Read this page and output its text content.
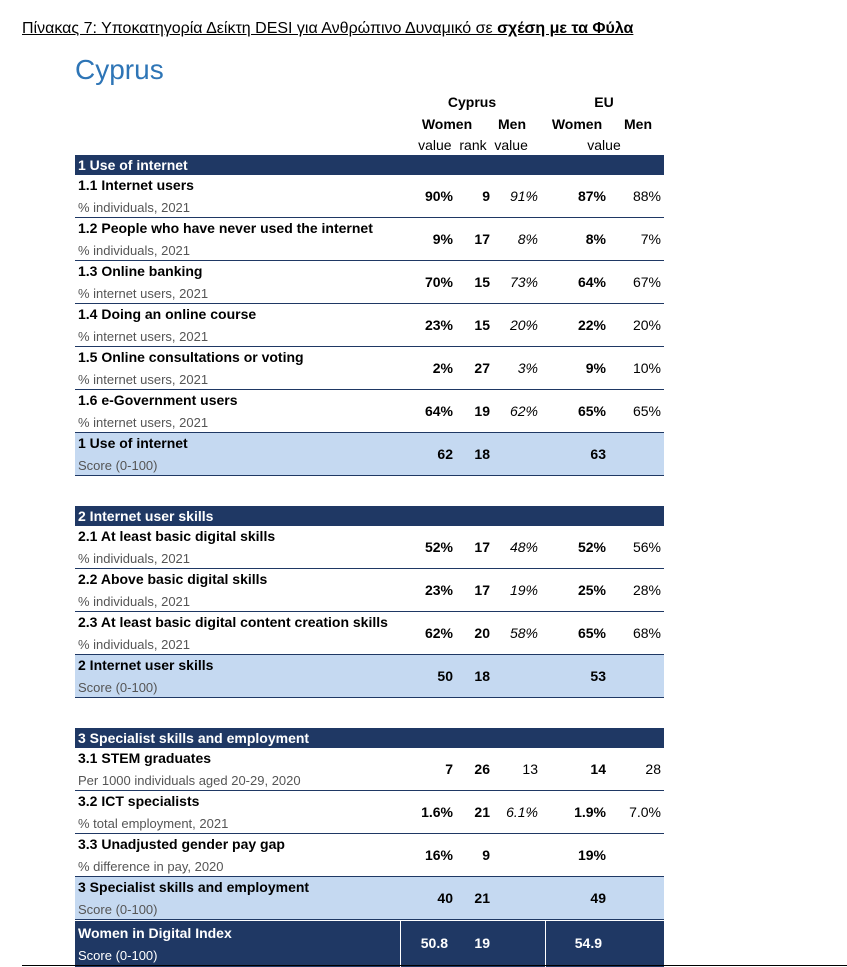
Πίνακας 7: Υποκατηγορία Δείκτη DESI για Ανθρώπινο Δυναμικό σε σχέση με τα Φύλα
Cyprus
Cyprus	EU
Women	Men	Women	Men
value  rank  value	value
1 Use of internet
1.1 Internet users
% individuals, 2021
90% 9 91%	87% 88%
1.2 People who have never used the internet
% individuals, 2021
9% 17 8%	8% 7%
1.3 Online banking
% internet users, 2021
70% 15 73%	64% 67%
1.4 Doing an online course
% internet users, 2021
23% 15 20%	22% 20%
1.5 Online consultations or voting
% internet users, 2021
2% 27 3%	9% 10%
1.6 e-Government users
% internet users, 2021
64% 19 62%	65% 65%
1 Use of internet
Score (0-100)
62 18	63
2 Internet user skills
2.1 At least basic digital skills
% individuals, 2021
52% 17 48%	52% 56%
2.2 Above basic digital skills
% individuals, 2021
23% 17 19%	25% 28%
2.3 At least basic digital content creation skills
% individuals, 2021
62% 20 58%	65% 68%
2 Internet user skills
Score (0-100)
50 18	53
3 Specialist skills and employment
3.1 STEM graduates
Per 1000 individuals aged 20-29, 2020
7 26 13	14	28
3.2 ICT specialists
% total employment, 2021
1.6% 21 6.1%	1.9% 7.0%
3.3 Unadjusted gender pay gap
% difference in pay, 2020
16% 9	19%
3 Specialist skills and employment
Score (0-100)
40 21	49
Women in Digital Index
Score (0-100)
50.8 19	54.9
